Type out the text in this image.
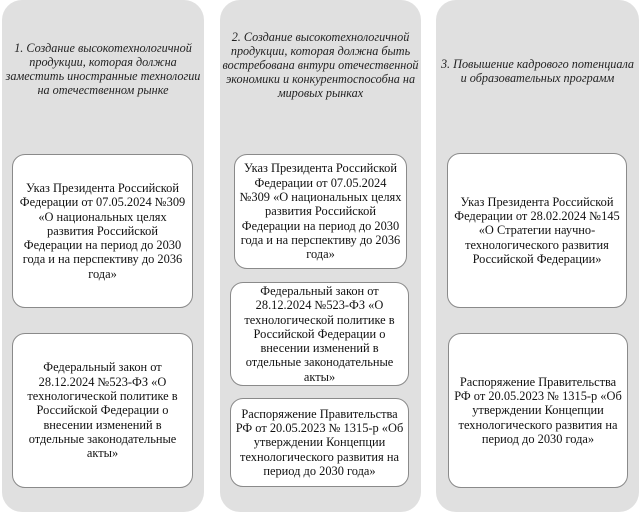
1. Создание высокотехнологичной продукции, которая должна заместить иностранные технологии на отечественном рынке
2. Создание высокотехнологичной продукции, которая должна быть востребована внтури отечественной экономики и конкурентоспособна на мировых рынках
3. Повышение кадрового потенциала и образовательных программ
Указ Президента Российской Федерации от 07.05.2024 №309 «О национальных целях развития Российской Федерации на период до 2030 года и на перспективу до 2036 года»
Федеральный закон от 28.12.2024 №523-ФЗ «О технологической политике в Российской Федерации о внесении изменений в отдельные законодательные акты»
Указ Президента Российской Федерации от 07.05.2024 №309 «О национальных целях развития Российской Федерации на период до 2030 года и на перспективу до 2036 года»
Федеральный закон от 28.12.2024 №523-ФЗ «О технологической политике в Российской Федерации о внесении изменений в отдельные законодательные акты»
Распоряжение Правительства РФ от 20.05.2023 № 1315-р «Об утверждении Концепции технологического развития на период до 2030 года»
Указ Президента Российской Федерации от 28.02.2024 №145 «О Стратегии научно-технологического развития Российской Федерации»
Распоряжение Правительства РФ от 20.05.2023 № 1315-р «Об утверждении Концепции технологического развития на период до 2030 года»
